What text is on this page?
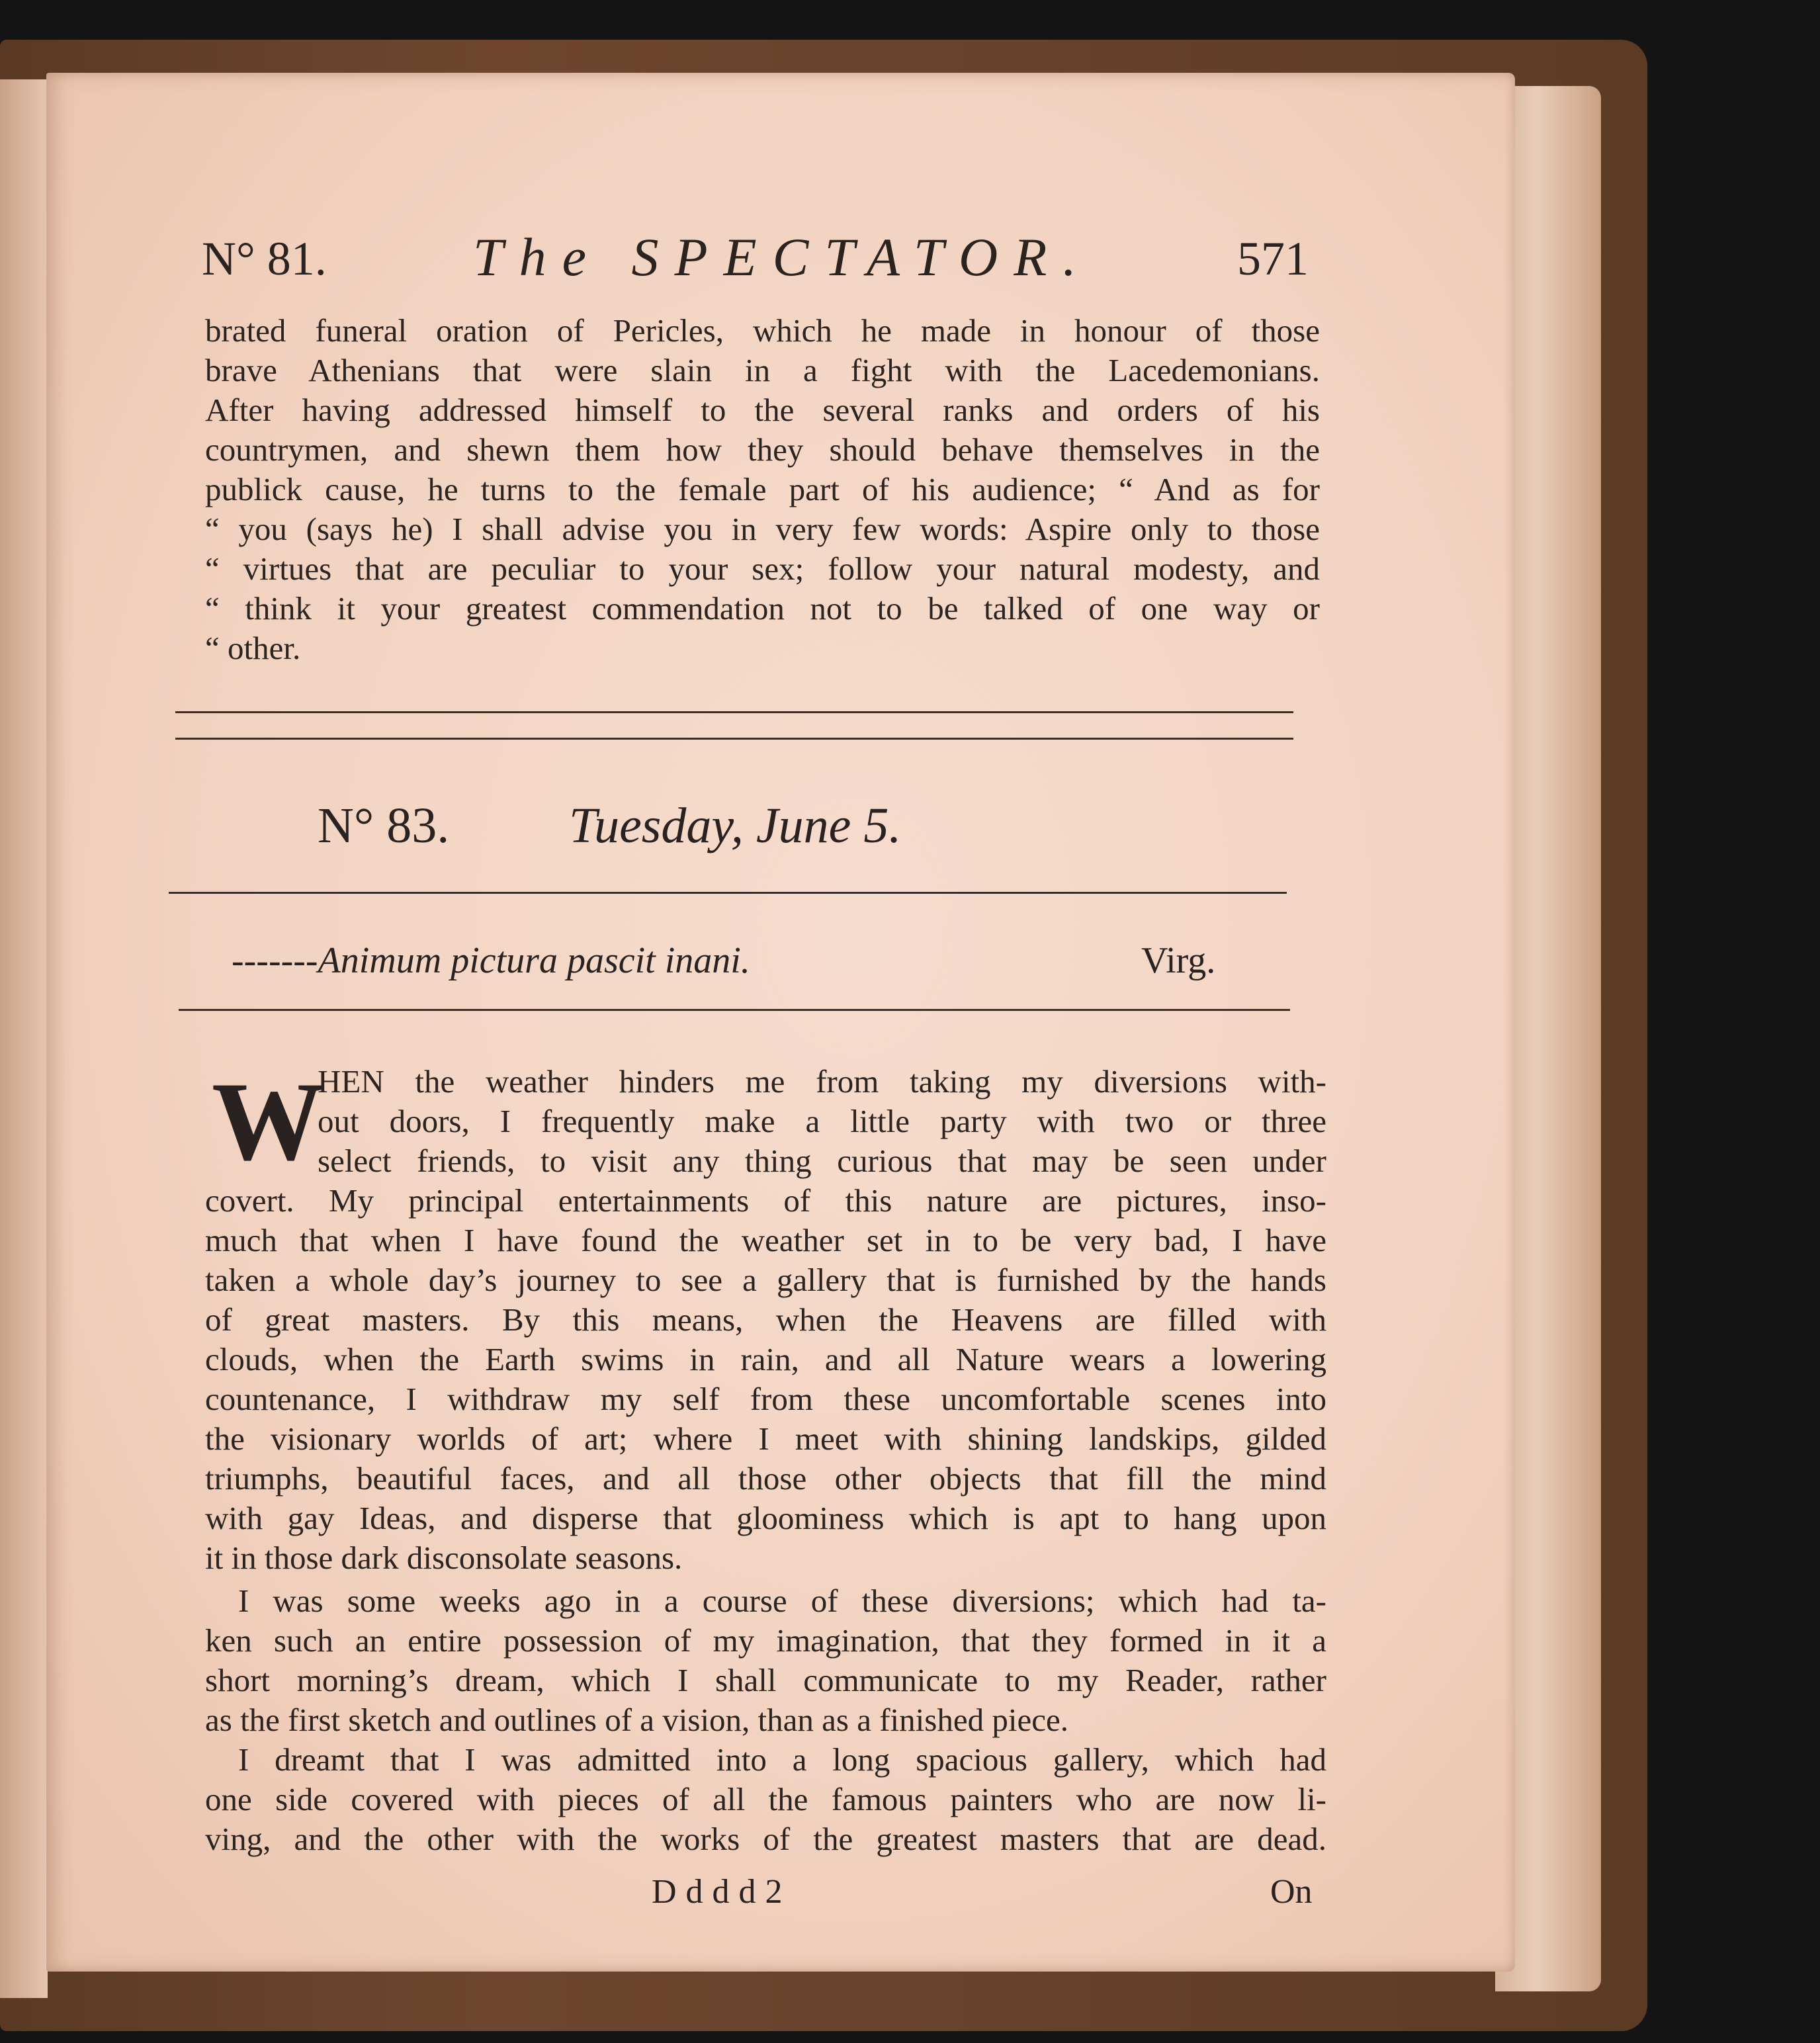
N° 81.	The SPECTATOR.	571
brated funeral oration of Pericles, which he made in honour of those
brave Athenians that were slain in a fight with the Lacedemonians.
After having addressed himself to the several ranks and orders of his
countrymen, and shewn them how they should behave themselves in the
publick cause, he turns to the female part of his audience; “ And as for
“ you (says he) I shall advise you in very few words: Aspire only to those
“ virtues that are peculiar to your sex; follow your natural modesty, and
“ think it your greatest commendation not to be talked of one way or
“ other.
N° 83. Tuesday, June 5.
-------Animum pictura pascit inani.	Virg.
W
HEN the weather hinders me from taking my diversions with-
out doors, I frequently make a little party with two or three
select friends, to visit any thing curious that may be seen under
covert. My principal entertainments of this nature are pictures, inso-
much that when I have found the weather set in to be very bad, I have
taken a whole day’s journey to see a gallery that is furnished by the hands
of great masters. By this means, when the Heavens are filled with
clouds, when the Earth swims in rain, and all Nature wears a lowering
countenance, I withdraw my self from these uncomfortable scenes into
the visionary worlds of art; where I meet with shining landskips, gilded
triumphs, beautiful faces, and all those other objects that fill the mind
with gay Ideas, and disperse that gloominess which is apt to hang upon
it in those dark disconsolate seasons.
I was some weeks ago in a course of these diversions; which had ta-
ken such an entire possession of my imagination, that they formed in it a
short morning’s dream, which I shall communicate to my Reader, rather
as the first sketch and outlines of a vision, than as a finished piece.
I dreamt that I was admitted into a long spacious gallery, which had
one side covered with pieces of all the famous painters who are now li-
ving, and the other with the works of the greatest masters that are dead.
Dddd2	On
